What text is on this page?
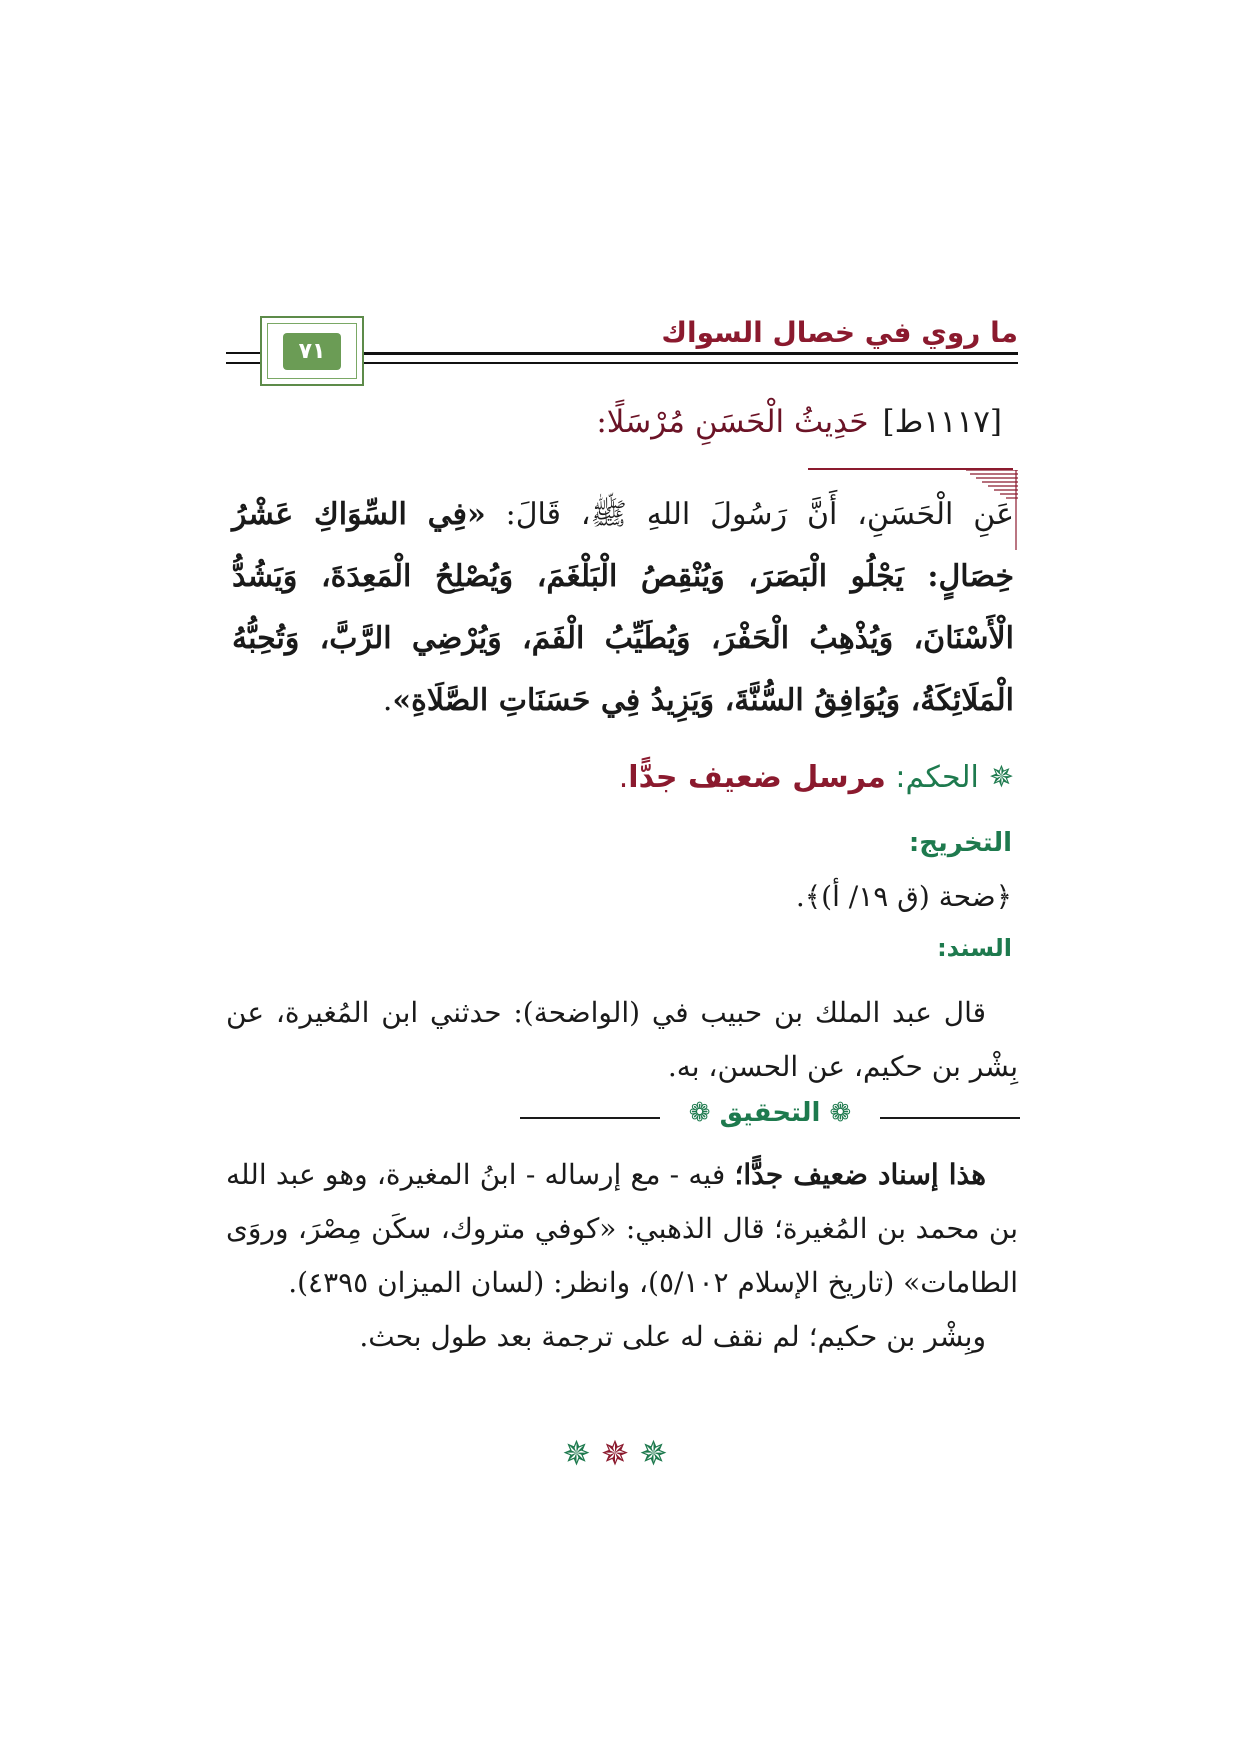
ما روي في خصال السواك
٧١
[١١١٧ط]حَدِيثُ الْحَسَنِ مُرْسَلًا:
عَنِ الْحَسَنِ، أَنَّ رَسُولَ اللهِ ﷺ، قَالَ: «فِي السِّوَاكِ عَشْرُ خِصَالٍ: يَجْلُو الْبَصَرَ، وَيُنْقِصُ الْبَلْغَمَ، وَيُصْلِحُ الْمَعِدَةَ، وَيَشُدُّ الْأَسْنَانَ، وَيُذْهِبُ الْحَفْرَ، وَيُطَيِّبُ الْفَمَ، وَيُرْضِي الرَّبَّ، وَتُحِبُّهُ الْمَلَائِكَةُ، وَيُوَافِقُ السُّنَّةَ، وَيَزِيدُ فِي حَسَنَاتِ الصَّلَاةِ».
✵الحكم: مرسل ضعيف جدًّا.
التخريج:
﴿ضحة (ق ١٩/ أ)﴾.
السند:
قال عبد الملك بن حبيب في (الواضحة): حدثني ابن المُغيرة، عن بِشْر بن حكيم، عن الحسن، به.
❁ التحقيق ❁
هذا إسناد ضعيف جدًّا؛ فيه - مع إرساله - ابنُ المغيرة، وهو عبد الله بن محمد بن المُغيرة؛ قال الذهبي: «كوفي متروك، سكَن مِصْرَ، وروَى الطامات» (تاريخ الإسلام ٥/١٠٢)، وانظر: (لسان الميزان ٤٣٩٥).
وبِشْر بن حكيم؛ لم نقف له على ترجمة بعد طول بحث.
✵✵✵
